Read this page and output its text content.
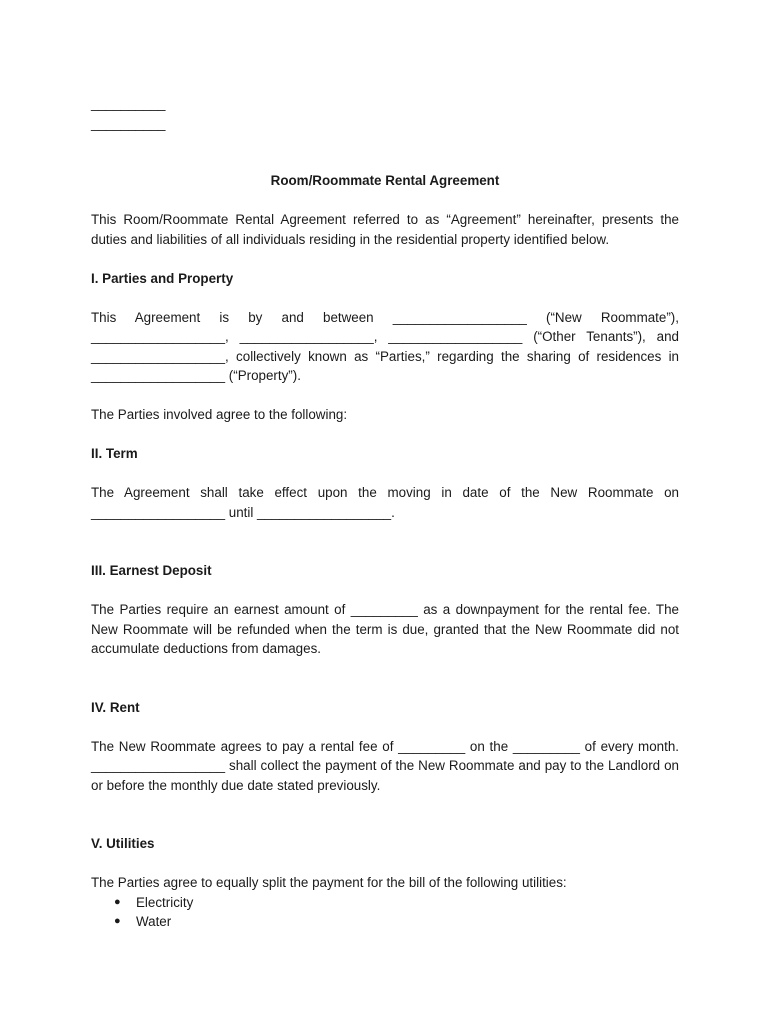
__________
__________

Room/Roommate Rental Agreement

This Room/Roommate Rental Agreement referred to as “Agreement” hereinafter, presents the duties and liabilities of all individuals residing in the residential property identified below.

I. Parties and Property

This Agreement is by and between __________________ (“New Roommate”), __________________, __________________, __________________ (“Other Tenants”), and __________________, collectively known as “Parties,” regarding the sharing of residences in __________________ (“Property”).

The Parties involved agree to the following:

II. Term

The Agreement shall take effect upon the moving in date of the New Roommate on __________________ until __________________.

III. Earnest Deposit

The Parties require an earnest amount of _________ as a downpayment for the rental fee. The New Roommate will be refunded when the term is due, granted that the New Roommate did not accumulate deductions from damages.

IV. Rent

The New Roommate agrees to pay a rental fee of _________ on the _________ of every month. __________________ shall collect the payment of the New Roommate and pay to the Landlord on or before the monthly due date stated previously.

V. Utilities

The Parties agree to equally split the payment for the bill of the following utilities:

● Electricity
● Water
